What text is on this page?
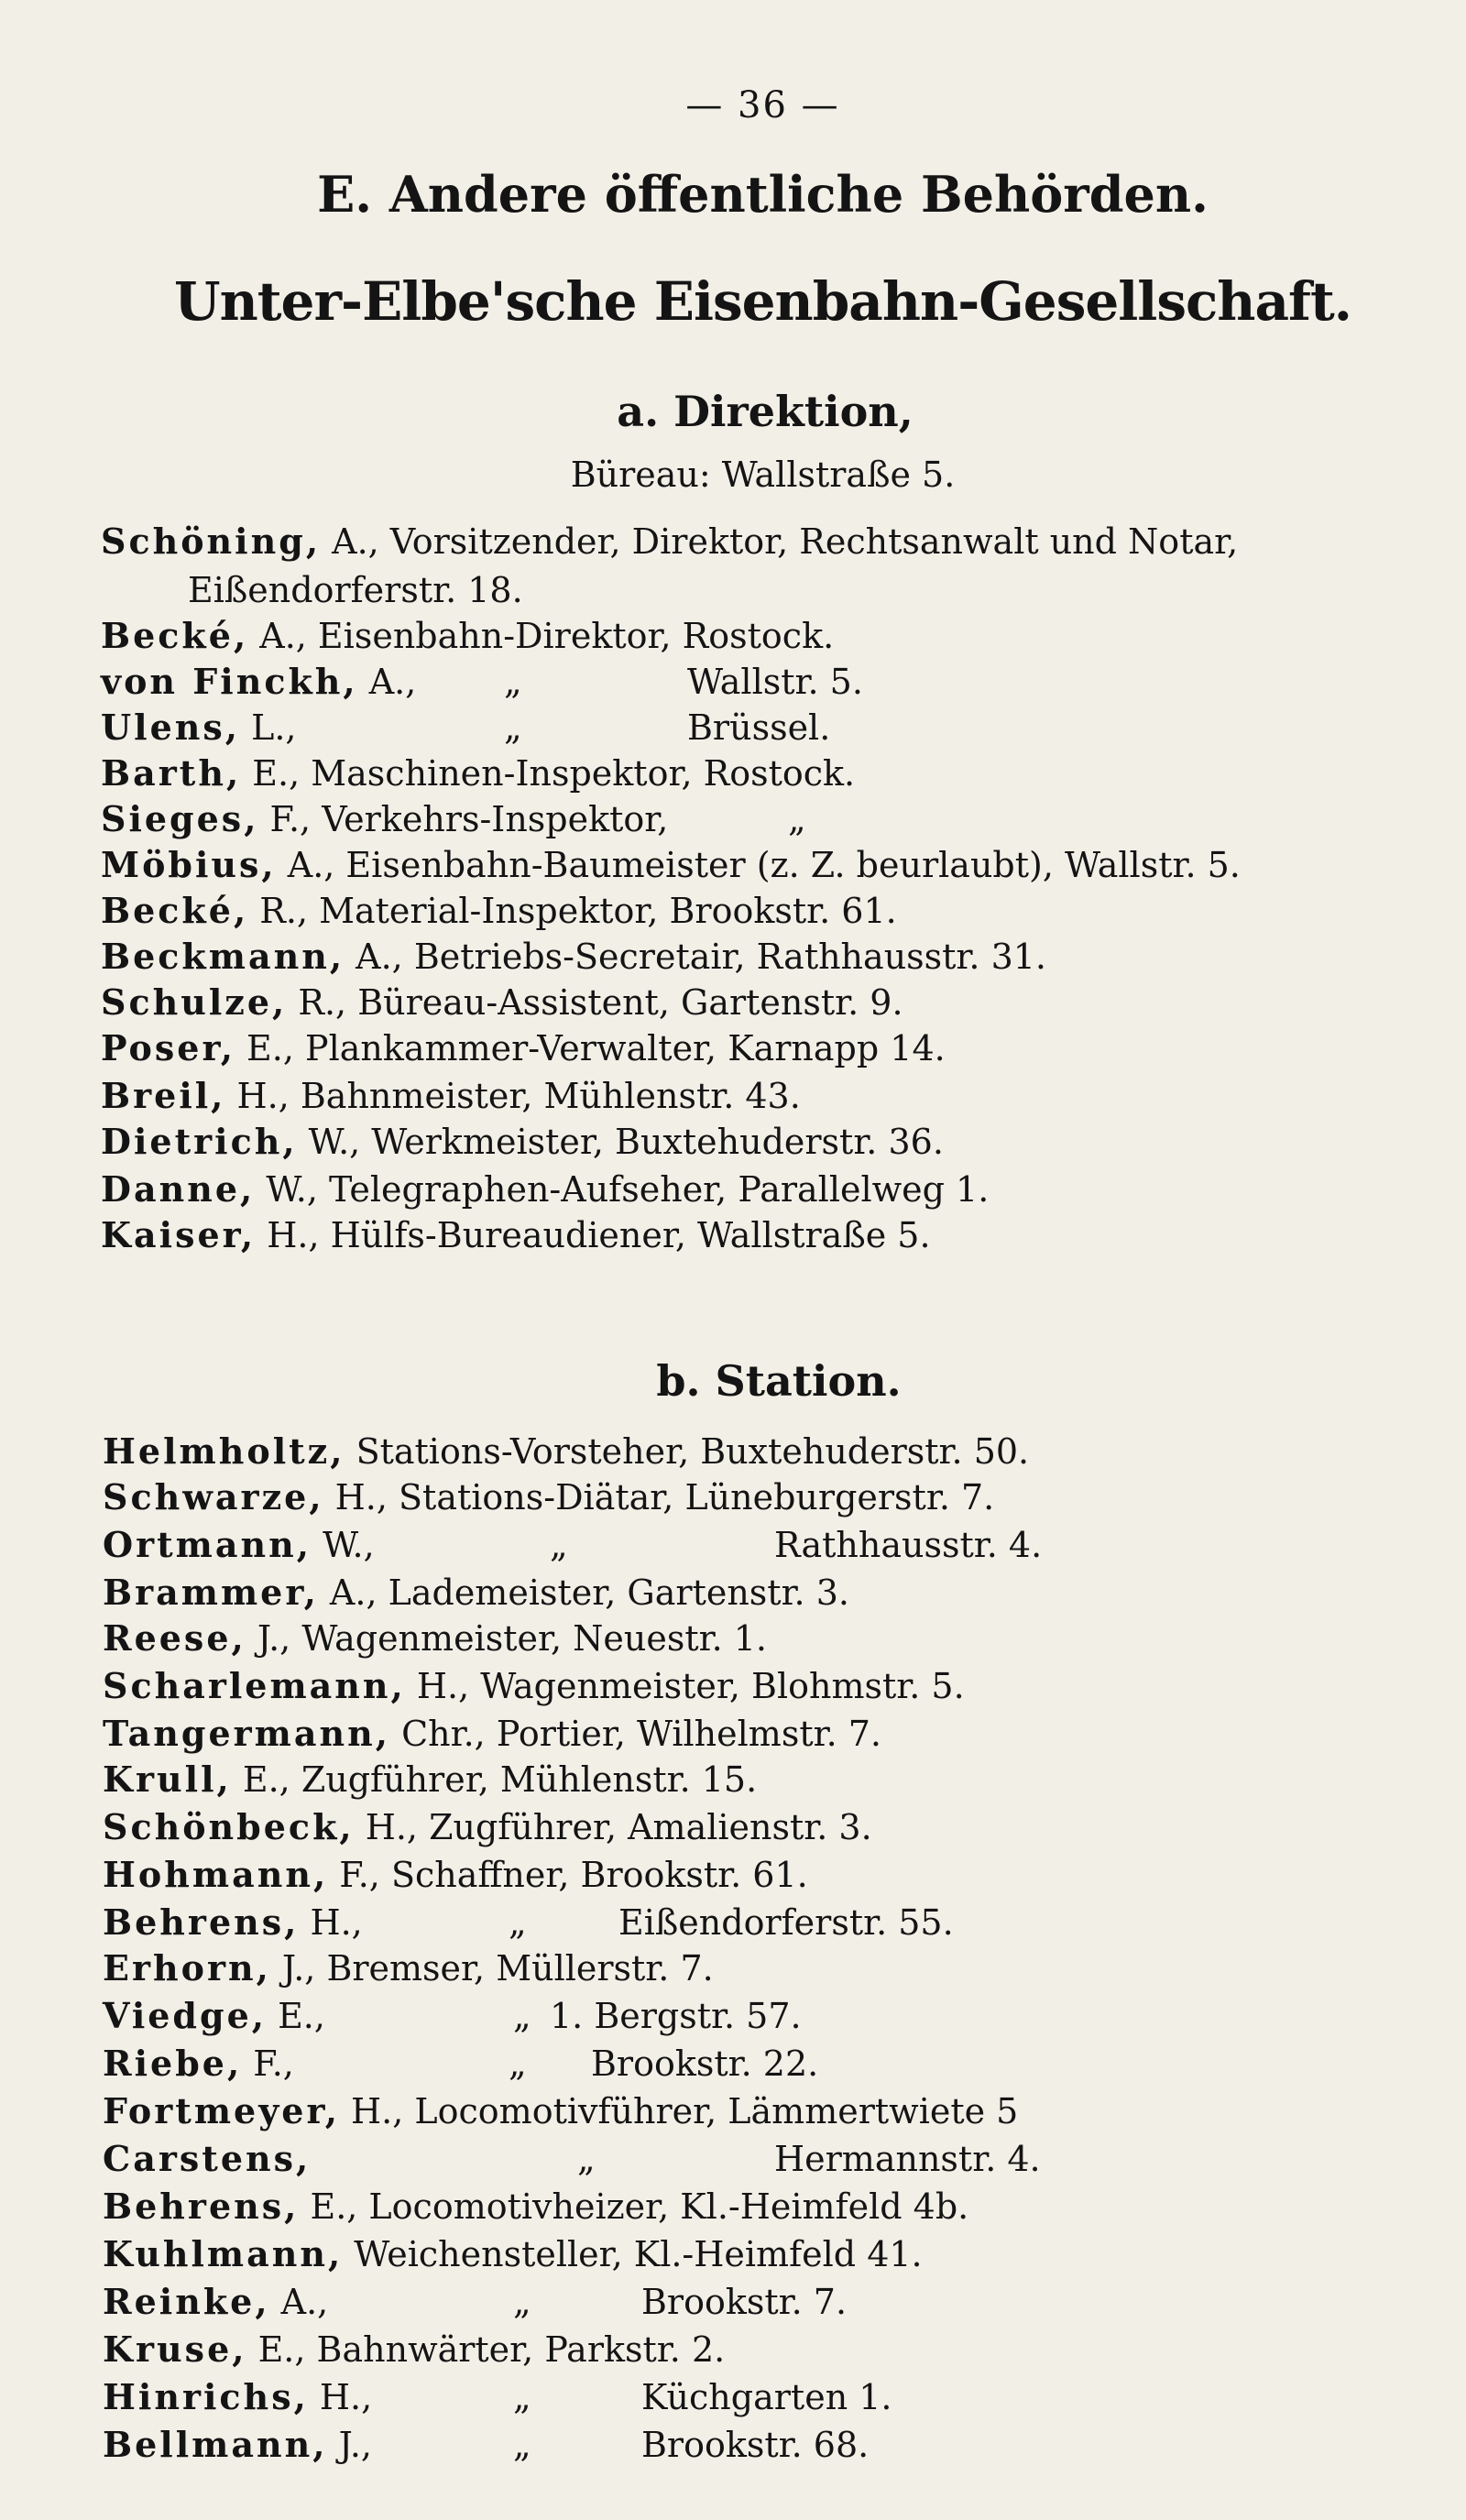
— 36 —
E. Andere öffentliche Behörden.
Unter-Elbe'sche Eisenbahn-Gesellschaft.
a. Direktion,
Büreau: Wallstraße 5.
Schöning, A., Vorsitzender, Direktor, Rechtsanwalt und Notar,
Eißendorferstr. 18.
Becké, A., Eisenbahn-Direktor, Rostock.
von Finckh, A.,	„	Wallstr. 5.
Ulens, L.,	„	Brüssel.
Barth, E., Maschinen-Inspektor, Rostock.
Sieges, F., Verkehrs-Inspektor,	„
Möbius, A., Eisenbahn-Baumeister (z. Z. beurlaubt), Wallstr. 5.
Becké, R., Material-Inspektor, Brookstr. 61.
Beckmann, A., Betriebs-Secretair, Rathhausstr. 31.
Schulze, R., Büreau-Assistent, Gartenstr. 9.
Poser, E., Plankammer-Verwalter, Karnapp 14.
Breil, H., Bahnmeister, Mühlenstr. 43.
Dietrich, W., Werkmeister, Buxtehuderstr. 36.
Danne, W., Telegraphen-Aufseher, Parallelweg 1.
Kaiser, H., Hülfs-Bureaudiener, Wallstraße 5.
b. Station.
Helmholtz, Stations-Vorsteher, Buxtehuderstr. 50.
Schwarze, H., Stations-Diätar, Lüneburgerstr. 7.
Ortmann, W.,	„	Rathhausstr. 4.
Brammer, A., Lademeister, Gartenstr. 3.
Reese, J., Wagenmeister, Neuestr. 1.
Scharlemann, H., Wagenmeister, Blohmstr. 5.
Tangermann, Chr., Portier, Wilhelmstr. 7.
Krull, E., Zugführer, Mühlenstr. 15.
Schönbeck, H., Zugführer, Amalienstr. 3.
Hohmann, F., Schaffner, Brookstr. 61.
Behrens, H.,	„	Eißendorferstr. 55.
Erhorn, J., Bremser, Müllerstr. 7.
Viedge, E.,	„ 1. Bergstr. 57.
Riebe, F.,	„ Brookstr. 22.
Fortmeyer, H., Locomotivführer, Lämmertwiete 5
Carstens,	„	Hermannstr. 4.
Behrens, E., Locomotivheizer, Kl.-Heimfeld 4b.
Kuhlmann, Weichensteller, Kl.-Heimfeld 41.
Reinke, A.,	„	Brookstr. 7.
Kruse, E., Bahnwärter, Parkstr. 2.
Hinrichs, H.,	„	Küchgarten 1.
Bellmann, J.,	„	Brookstr. 68.
